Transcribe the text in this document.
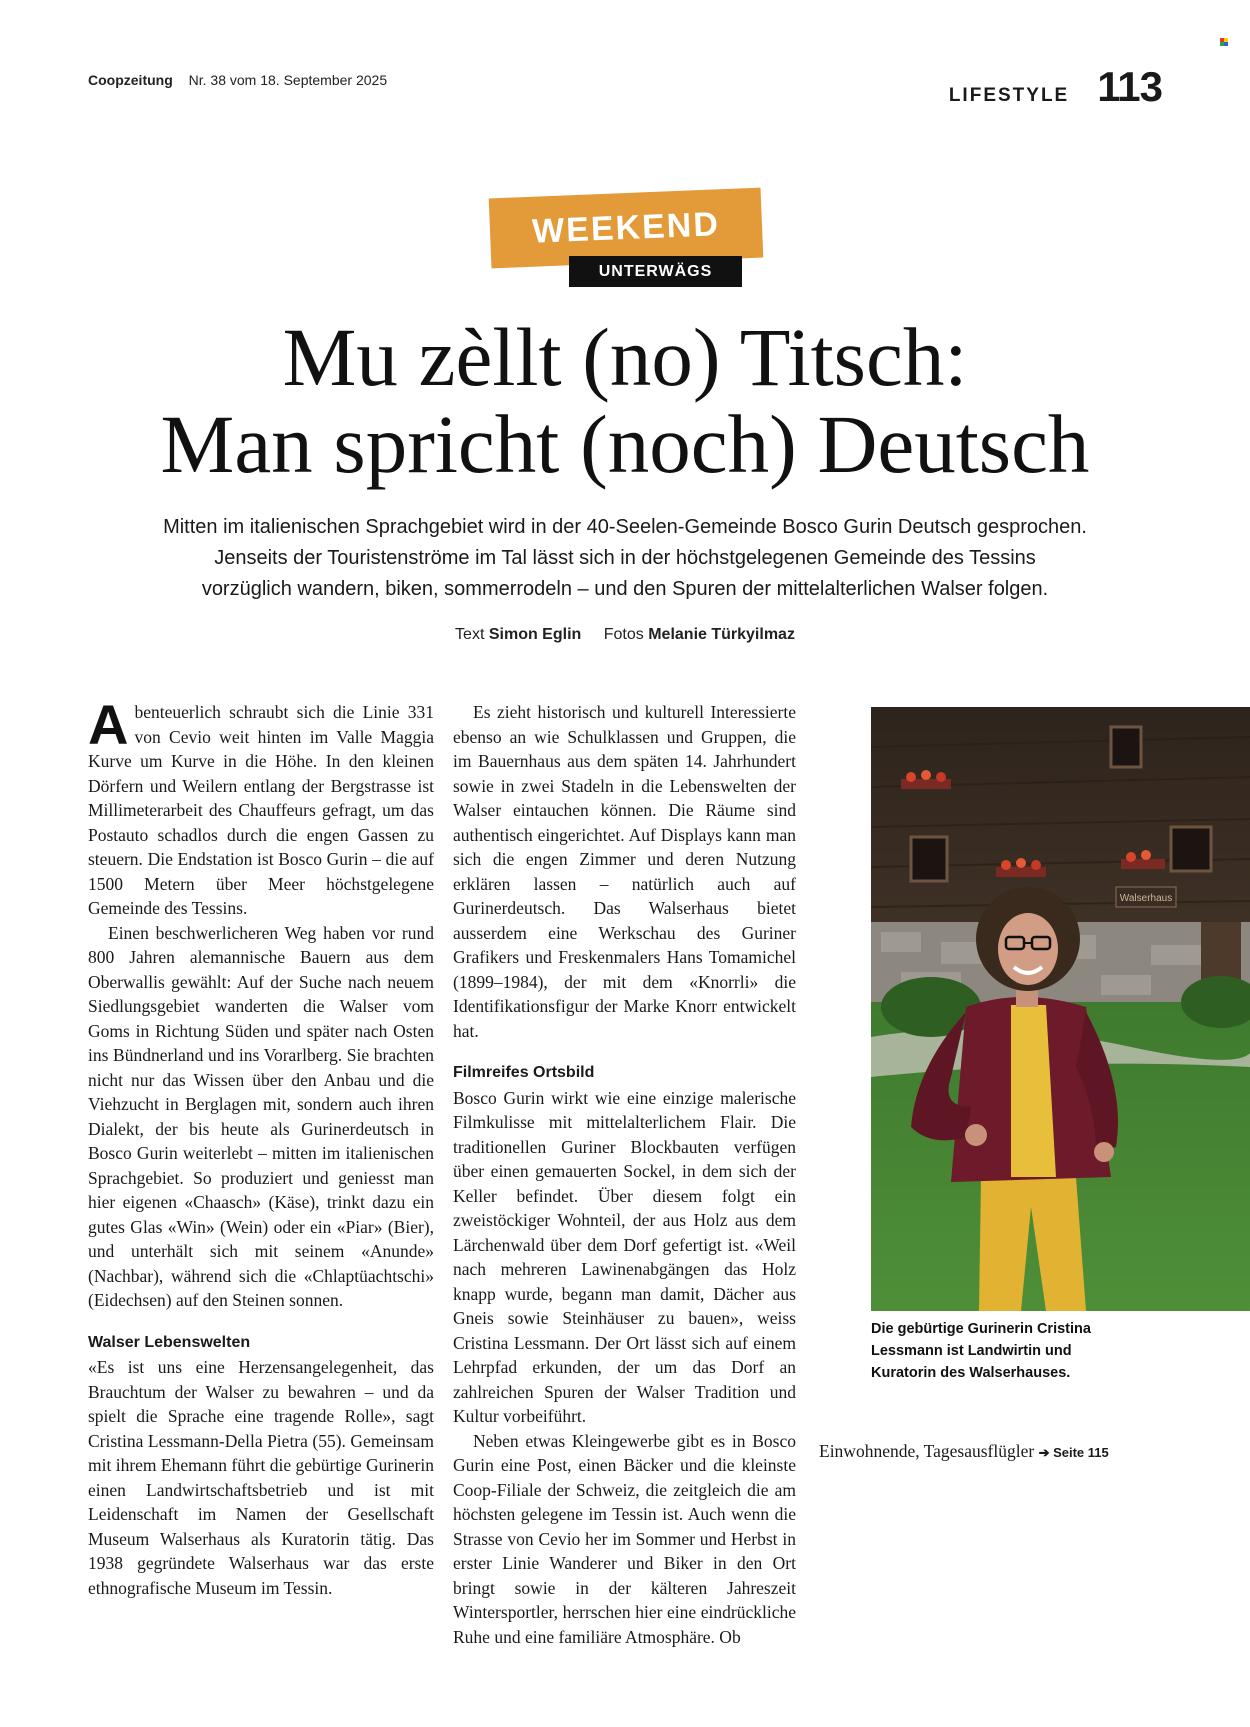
Coopzeitung Nr. 38 vom 18. September 2025
LIFESTYLE 113
WEEKEND
UNTERWÄGS
Mu zèllt (no) Titsch:
Man spricht (noch) Deutsch
Mitten im italienischen Sprachgebiet wird in der 40-Seelen-Gemeinde Bosco Gurin Deutsch gesprochen.
Jenseits der Touristenströme im Tal lässt sich in der höchstgelegenen Gemeinde des Tessins
vorzüglich wandern, biken, sommerrodeln – und den Spuren der mittelalterlichen Walser folgen.
Text Simon Eglin Fotos Melanie Türkyilmaz

Abenteuerlich schraubt sich die Linie 331 von Cevio weit hinten im Valle Maggia Kurve um Kurve in die Höhe. In den kleinen Dörfern und Weilern entlang der Bergstrasse ist Millimeterarbeit des Chauffeurs gefragt, um das Postauto schadlos durch die engen Gassen zu steuern. Die Endstation ist Bosco Gurin – die auf 1500 Metern über Meer höchstgelegene Gemeinde des Tessins.

Einen beschwerlicheren Weg haben vor rund 800 Jahren alemannische Bauern aus dem Oberwallis gewählt: Auf der Suche nach neuem Siedlungsgebiet wanderten die Walser vom Goms in Richtung Süden und später nach Osten ins Bündnerland und ins Vorarlberg. Sie brachten nicht nur das Wissen über den Anbau und die Viehzucht in Berglagen mit, sondern auch ihren Dialekt, der bis heute als Gurinerdeutsch in Bosco Gurin weiterlebt – mitten im italienischen Sprachgebiet. So produziert und geniesst man hier eigenen «Chaasch» (Käse), trinkt dazu ein gutes Glas «Win» (Wein) oder ein «Piar» (Bier), und unterhält sich mit seinem «Anunde» (Nachbar), während sich die «Chlaptüachtschi» (Eidechsen) auf den Steinen sonnen.

Walser Lebenswelten

«Es ist uns eine Herzensangelegenheit, das Brauchtum der Walser zu bewahren – und da spielt die Sprache eine tragende Rolle», sagt Cristina Lessmann-Della Pietra (55). Gemeinsam mit ihrem Ehemann führt die gebürtige Gurinerin einen Landwirtschaftsbetrieb und ist mit Leidenschaft im Namen der Gesellschaft Museum Walserhaus als Kuratorin tätig. Das 1938 gegründete Walserhaus war das erste ethnografische Museum im Tessin.

Es zieht historisch und kulturell Interessierte ebenso an wie Schulklassen und Gruppen, die im Bauernhaus aus dem späten 14. Jahrhundert sowie in zwei Stadeln in die Lebenswelten der Walser eintauchen können. Die Räume sind authentisch eingerichtet. Auf Displays kann man sich die engen Zimmer und deren Nutzung erklären lassen – natürlich auch auf Gurinerdeutsch. Das Walserhaus bietet ausserdem eine Werkschau des Guriner Grafikers und Freskenmalers Hans Tomamichel (1899–1984), der mit dem «Knorrli» die Identifikationsfigur der Marke Knorr entwickelt hat.

Filmreifes Ortsbild

Bosco Gurin wirkt wie eine einzige malerische Filmkulisse mit mittelalterlichem Flair. Die traditionellen Guriner Blockbauten verfügen über einen gemauerten Sockel, in dem sich der Keller befindet. Über diesem folgt ein zweistöckiger Wohnteil, der aus Holz aus dem Lärchenwald über dem Dorf gefertigt ist. «Weil nach mehreren Lawinenabgängen das Holz knapp wurde, begann man damit, Dächer aus Gneis sowie Steinhäuser zu bauen», weiss Cristina Lessmann. Der Ort lässt sich auf einem Lehrpfad erkunden, der um das Dorf an zahlreichen Spuren der Walser Tradition und Kultur vorbeiführt.

Neben etwas Kleingewerbe gibt es in Bosco Gurin eine Post, einen Bäcker und die kleinste Coop-Filiale der Schweiz, die zeitgleich die am höchsten gelegene im Tessin ist. Auch wenn die Strasse von Cevio her im Sommer und Herbst in erster Linie Wanderer und Biker in den Ort bringt sowie in der kälteren Jahreszeit Wintersportler, herrschen hier eine eindrückliche Ruhe und eine familiäre Atmosphäre. Ob

Einwohnende, Tagesausflügler ➔ Seite 115

Walserhaus
Die gebürtige Gurinerin Cristina
Lessmann ist Landwirtin und
Kuratorin des Walserhauses.
